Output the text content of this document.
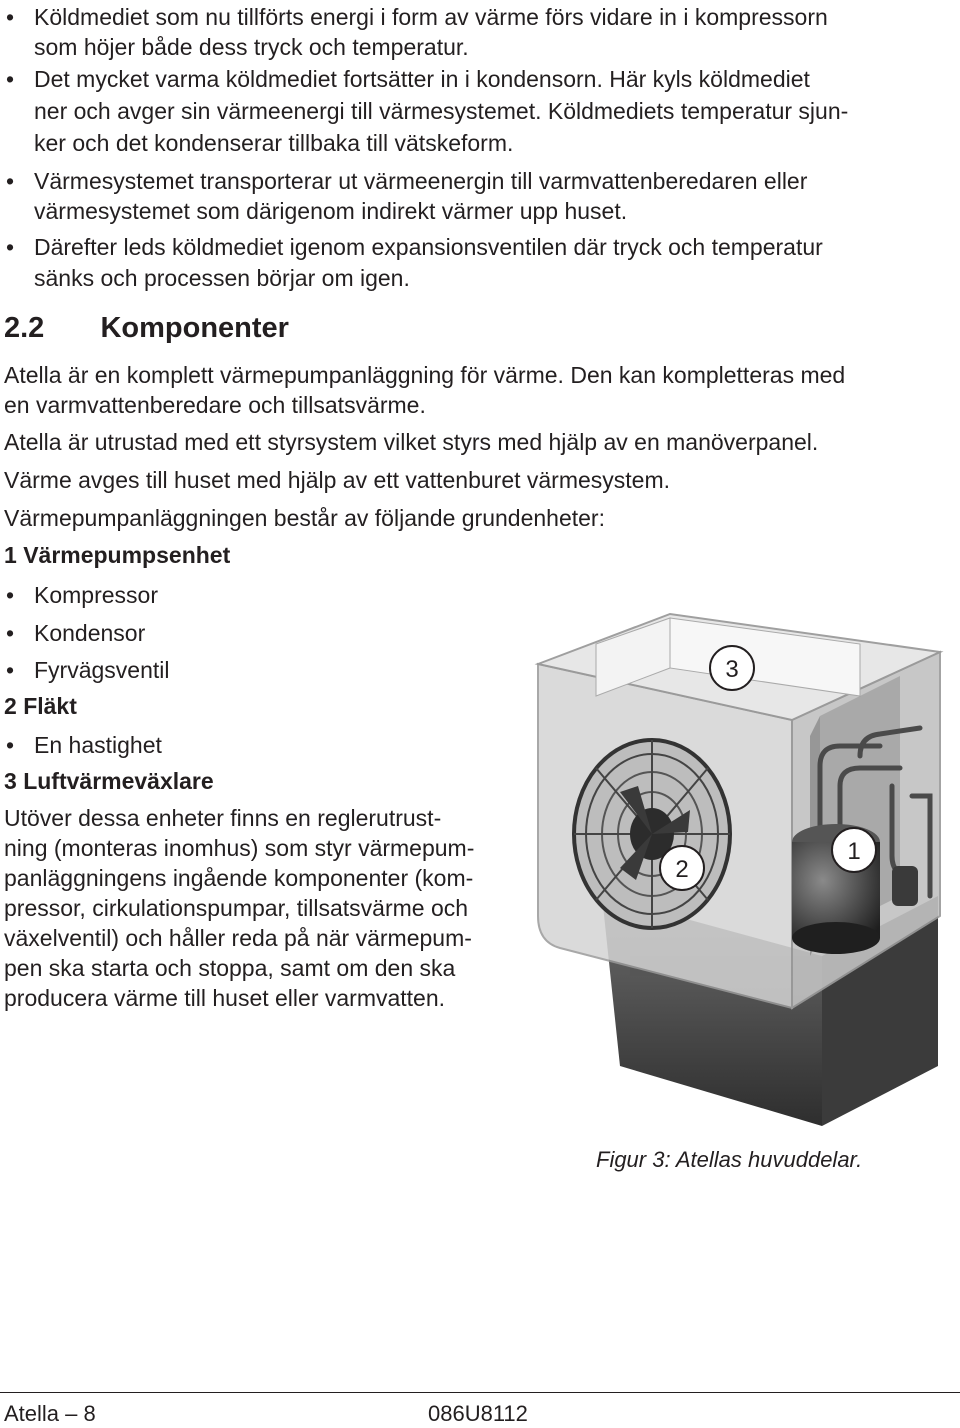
• Köldmediet som nu tillförts energi i form av värme förs vidare in i kompressorn
som höjer både dess tryck och temperatur.
• Det mycket varma köldmediet fortsätter in i kondensorn. Här kyls köldmediet
ner och avger sin värmeenergi till värmesystemet. Köldmediets temperatur sjun-
ker och det kondenserar tillbaka till vätskeform.
• Värmesystemet transporterar ut värmeenergin till varmvattenberedaren eller
värmesystemet som därigenom indirekt värmer upp huset.
• Därefter leds köldmediet igenom expansionsventilen där tryck och temperatur
sänks och processen börjar om igen.
2.2 Komponenter
Atella är en komplett värmepumpanläggning för värme. Den kan kompletteras med
en varmvattenberedare och tillsatsvärme.
Atella är utrustad med ett styrsystem vilket styrs med hjälp av en manöverpanel.
Värme avges till huset med hjälp av ett vattenburet värmesystem.
Värmepumpanläggningen består av följande grundenheter:
1 Värmepumpsenhet
• Kompressor
• Kondensor
• Fyrvägsventil
2 Fläkt
• En hastighet
3 Luftvärmeväxlare
Utöver dessa enheter finns en reglerutrust-
ning (monteras inomhus) som styr värmepum-
panläggningens ingående komponenter (kom-
pressor, cirkulationspumpar, tillsatsvärme och
växelventil) och håller reda på när värmepum-
pen ska starta och stoppa, samt om den ska
producera värme till huset eller varmvatten.
3
2
1
Figur 3: Atellas huvuddelar.
Atella – 8	086U8112
